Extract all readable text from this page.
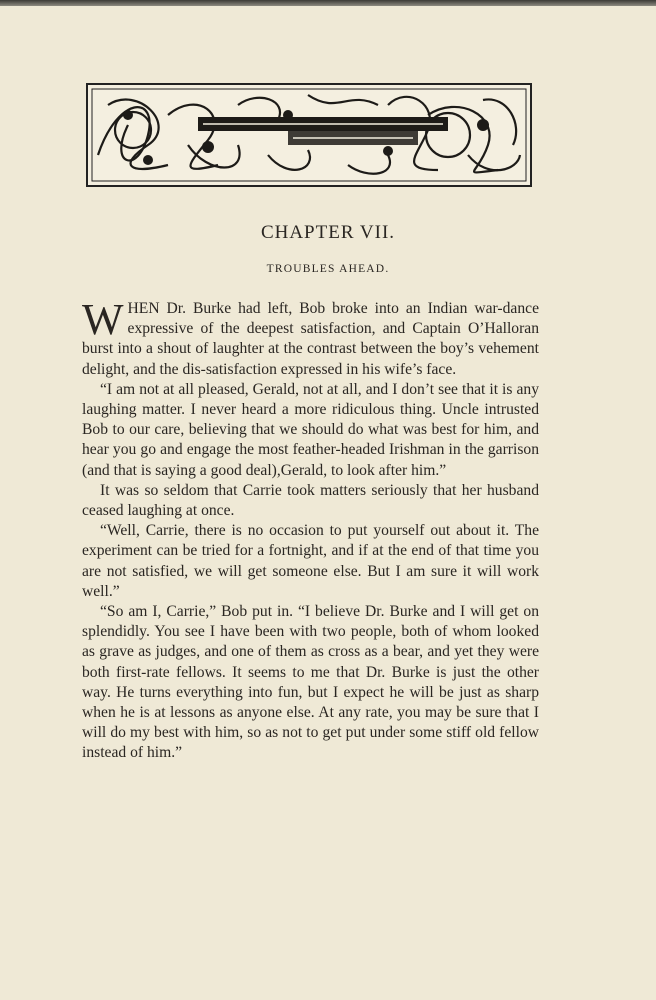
CHAPTER VII.
TROUBLES AHEAD.

WHEN Dr. Burke had left, Bob broke into an Indian war-dance expressive of the deepest satisfaction, and Captain O’Halloran burst into a shout of laughter at the contrast between the boy’s vehement delight, and the dis-satisfaction expressed in his wife’s face.

“I am not at all pleased, Gerald, not at all, and I don’t see that it is any laughing matter. I never heard a more ridiculous thing. Uncle intrusted Bob to our care, believing that we should do what was best for him, and hear you go and engage the most feather-headed Irishman in the garrison (and that is saying a good deal),Gerald, to look after him.”

It was so seldom that Carrie took matters seriously that her husband ceased laughing at once.

“Well, Carrie, there is no occasion to put yourself out about it. The experiment can be tried for a fortnight, and if at the end of that time you are not satisfied, we will get someone else. But I am sure it will work well.”

“So am I, Carrie,” Bob put in. “I believe Dr. Burke and I will get on splendidly. You see I have been with two people, both of whom looked as grave as judges, and one of them as cross as a bear, and yet they were both first-rate fellows. It seems to me that Dr. Burke is just the other way. He turns everything into fun, but I expect he will be just as sharp when he is at lessons as anyone else. At any rate, you may be sure that I will do my best with him, so as not to get put under some stiff old fellow instead of him.”
